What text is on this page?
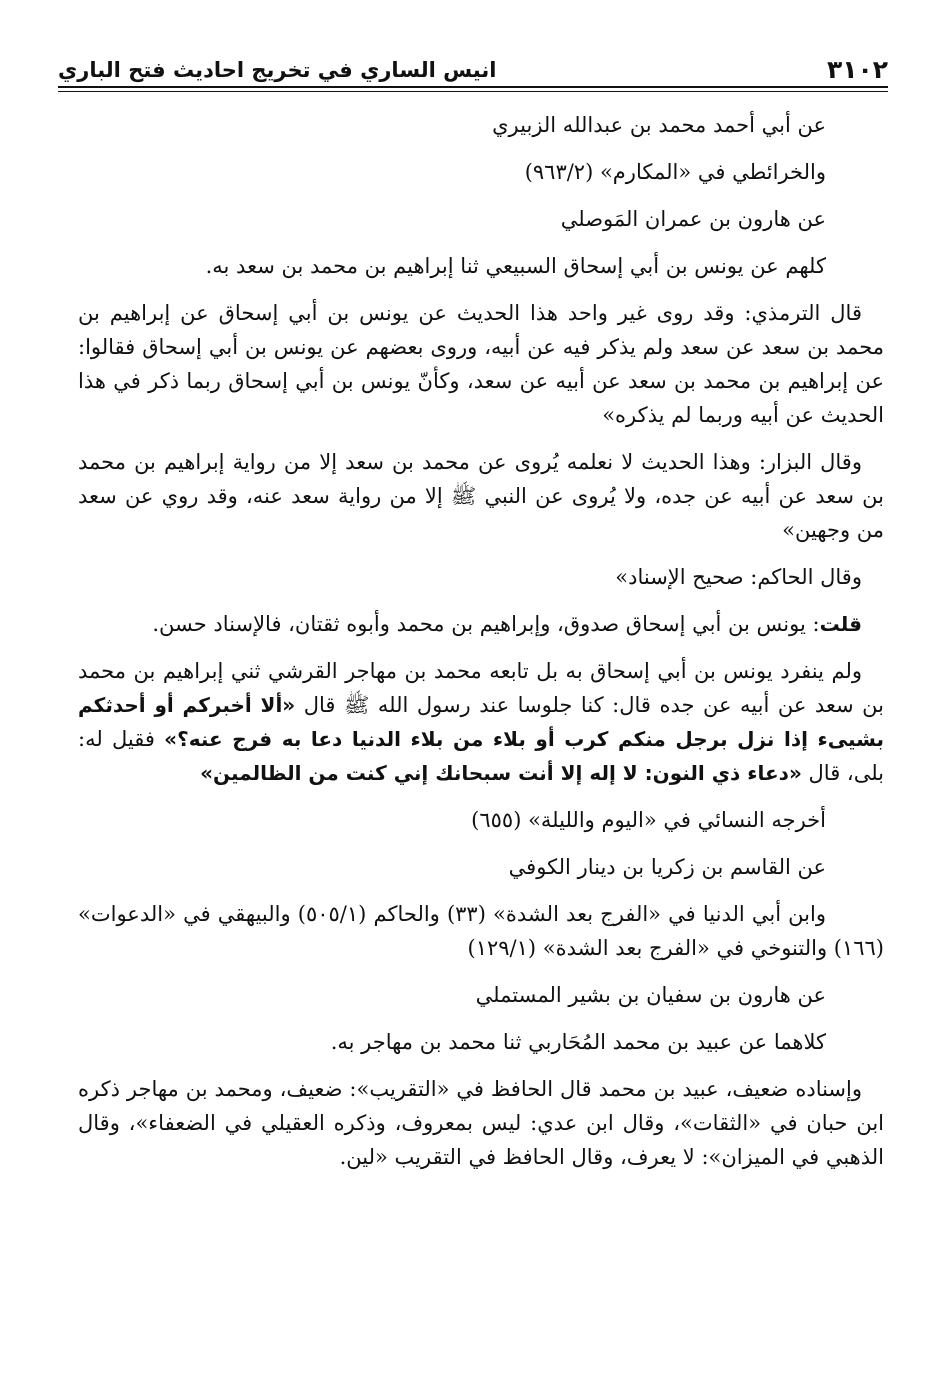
٣١٠٢
انيس الساري في تخريج احاديث فتح الباري

عن أبي أحمد محمد بن عبدالله الزبيري

والخرائطي في «المكارم» (٩٦٣/٢)

عن هارون بن عمران المَوصلي

كلهم عن يونس بن أبي إسحاق السبيعي ثنا إبراهيم بن محمد بن سعد به.

قال الترمذي: وقد روى غير واحد هذا الحديث عن يونس بن أبي إسحاق عن إبراهيم بن محمد بن سعد عن سعد ولم يذكر فيه عن أبيه، وروى بعضهم عن يونس بن أبي إسحاق فقالوا: عن إبراهيم بن محمد بن سعد عن أبيه عن سعد، وكأنّ يونس بن أبي إسحاق ربما ذكر في هذا الحديث عن أبيه وربما لم يذكره»

وقال البزار: وهذا الحديث لا نعلمه يُروى عن محمد بن سعد إلا من رواية إبراهيم بن محمد بن سعد عن أبيه عن جده، ولا يُروى عن النبي ﷺ إلا من رواية سعد عنه، وقد روي عن سعد من وجهين»

وقال الحاكم: صحيح الإسناد»

قلت: يونس بن أبي إسحاق صدوق، وإبراهيم بن محمد وأبوه ثقتان، فالإسناد حسن.

ولم ينفرد يونس بن أبي إسحاق به بل تابعه محمد بن مهاجر القرشي ثني إبراهيم بن محمد بن سعد عن أبيه عن جده قال: كنا جلوسا عند رسول الله ﷺ قال «ألا أخبركم أو أحدثكم بشيىء إذا نزل برجل منكم كرب أو بلاء من بلاء الدنيا دعا به فرج عنه؟» فقيل له: بلى، قال «دعاء ذي النون: لا إله إلا أنت سبحانك إني كنت من الظالمين»

أخرجه النسائي في «اليوم والليلة» (٦٥٥)

عن القاسم بن زكريا بن دينار الكوفي

وابن أبي الدنيا في «الفرج بعد الشدة» (٣٣) والحاكم (٥٠٥/١) والبيهقي في «الدعوات» (١٦٦) والتنوخي في «الفرج بعد الشدة» (١٢٩/١)

عن هارون بن سفيان بن بشير المستملي

كلاهما عن عبيد بن محمد المُحَاربي ثنا محمد بن مهاجر به.

وإسناده ضعيف، عبيد بن محمد قال الحافظ في «التقريب»: ضعيف، ومحمد بن مهاجر ذكره ابن حبان في «الثقات»، وقال ابن عدي: ليس بمعروف، وذكره العقيلي في الضعفاء»، وقال الذهبي في الميزان»: لا يعرف، وقال الحافظ في التقريب «لين.
